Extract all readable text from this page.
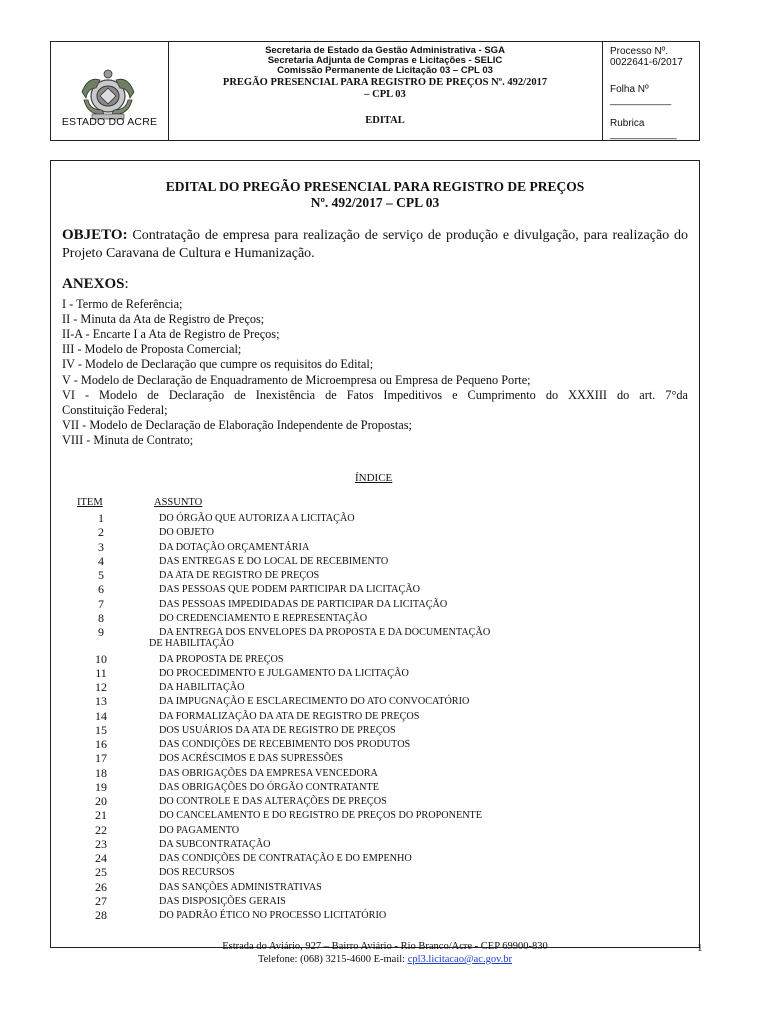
ESTADO DO ACRE
Secretaria de Estado da Gestão Administrativa - SGA
Secretaria Adjunta de Compras e Licitações - SELIC
Comissão Permanente de Licitação 03 – CPL 03
PREGÃO PRESENCIAL PARA REGISTRO DE PREÇOS Nº. 492/2017
– CPL 03
EDITAL
Processo Nº. 0022641-6/2017
Folha Nº ___________
Rubrica ____________
EDITAL DO PREGÃO PRESENCIAL PARA REGISTRO DE PREÇOS
Nº. 492/2017 – CPL 03
OBJETO: Contratação de empresa para realização de serviço de produção e divulgação, para realização do Projeto Caravana de Cultura e Humanização.
ANEXOS:
I - Termo de Referência;
II - Minuta da Ata de Registro de Preços;
II-A - Encarte I a Ata de Registro de Preços;
III - Modelo de Proposta Comercial;
IV - Modelo de Declaração que cumpre os requisitos do Edital;
V - Modelo de Declaração de Enquadramento de Microempresa ou Empresa de Pequeno Porte;
VI - Modelo de Declaração de Inexistência de Fatos Impeditivos e Cumprimento do XXXIII do art. 7°da
Constituição Federal;
VII - Modelo de Declaração de Elaboração Independente de Propostas;
VIII - Minuta de Contrato;
ÍNDICE
ITEM	ASSUNTO
1	DO ÓRGÃO QUE AUTORIZA A LICITAÇÃO
2	DO OBJETO
3	DA DOTAÇÃO ORÇAMENTÁRIA
4	DAS ENTREGAS E DO LOCAL DE RECEBIMENTO
5	DA ATA DE REGISTRO DE PREÇOS
6	DAS PESSOAS QUE PODEM PARTICIPAR DA LICITAÇÃO
7	DAS PESSOAS IMPEDIDADAS DE PARTICIPAR DA LICITAÇÃO
8	DO CREDENCIAMENTO E REPRESENTAÇÃO
9	DA ENTREGA DOS ENVELOPES DA PROPOSTA E DA DOCUMENTAÇÃO
DE HABILITAÇÃO
10	DA PROPOSTA DE PREÇOS
11	DO PROCEDIMENTO E JULGAMENTO DA LICITAÇÃO
12	DA HABILITAÇÃO
13	DA IMPUGNAÇÃO E ESCLARECIMENTO DO ATO CONVOCATÓRIO
14	DA FORMALIZAÇÃO DA ATA DE REGISTRO DE PREÇOS
15	DOS USUÁRIOS DA ATA DE REGISTRO DE PREÇOS
16	DAS CONDIÇÕES DE RECEBIMENTO DOS PRODUTOS
17	DOS ACRÉSCIMOS E DAS SUPRESSÕES
18	DAS OBRIGAÇÕES DA EMPRESA VENCEDORA
19	DAS OBRIGAÇÕES DO ÓRGÃO CONTRATANTE
20	DO CONTROLE E DAS ALTERAÇÕES DE PREÇOS
21	DO CANCELAMENTO E DO REGISTRO DE PREÇOS DO PROPONENTE
22	DO PAGAMENTO
23	DA SUBCONTRATAÇÃO
24	DAS CONDIÇÕES DE CONTRATAÇÃO E DO EMPENHO
25	DOS RECURSOS
26	DAS SANÇÕES ADMINISTRATIVAS
27	DAS DISPOSIÇÕES GERAIS
28	DO PADRÃO ÉTICO NO PROCESSO LICITATÓRIO
Estrada do Aviário, 927 – Bairro Aviário - Rio Branco/Acre - CEP 69900-830
Telefone: (068) 3215-4600 E-mail: cpl3.licitacao@ac.gov.br
1
